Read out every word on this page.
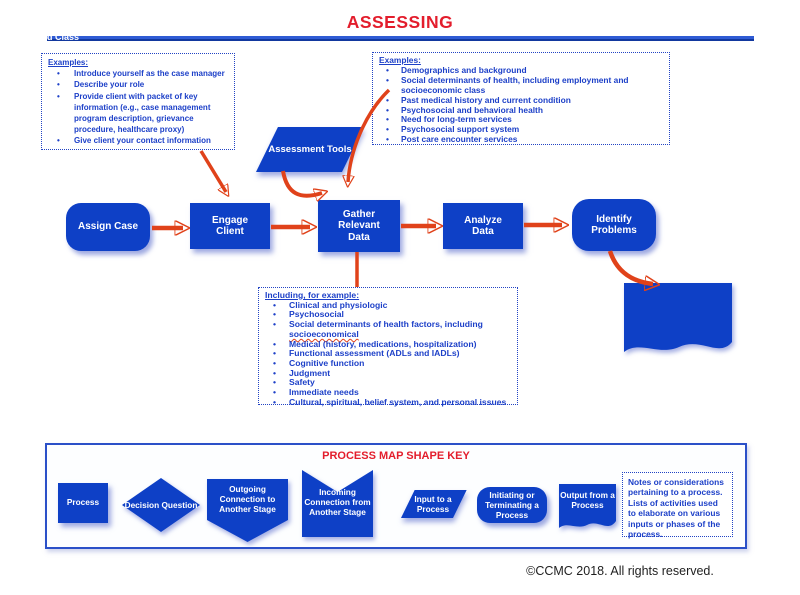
ASSESSING
Examples:
• Introduce yourself as the case manager
• Describe your role
• Provide client with packet of key information (e.g., case management program description, grievance procedure, healthcare proxy)
• Give client your contact information
Examples:
• Demographics and background
• Social determinants of health, including employment and socioeconomic class
• Past medical history and current condition
• Psychosocial and behavioral health
• Need for long-term services
• Psychosocial support system
• Post care encounter services
Including, for example:
• Clinical and physiologic
• Psychosocial
• Social determinants of health factors, including socioeconomical
• Medical (history, medications, hospitalization)
• Functional assessment (ADLs and IADLs)
• Cognitive function
• Judgment
• Safety
• Immediate needs
• Cultural, spiritual, belief system, and personal issues
Assessment Tools
Assign Case
Engage Client
Gather Relevant Data
Analyze Data
Identify Problems
· List of Problems (actual and potential)
· Risk Stratification Score and Class
PROCESS MAP SHAPE KEY
Process	Decision Question
Outgoing Connection to Another Stage
Incoming Connection from Another Stage
Input to a Process
Initiating or Terminating a Process
Output from a Process
Notes or considerations pertaining to a process. Lists of activities used to elaborate on various inputs or phases of the process.
©CCMC 2018. All rights reserved.
